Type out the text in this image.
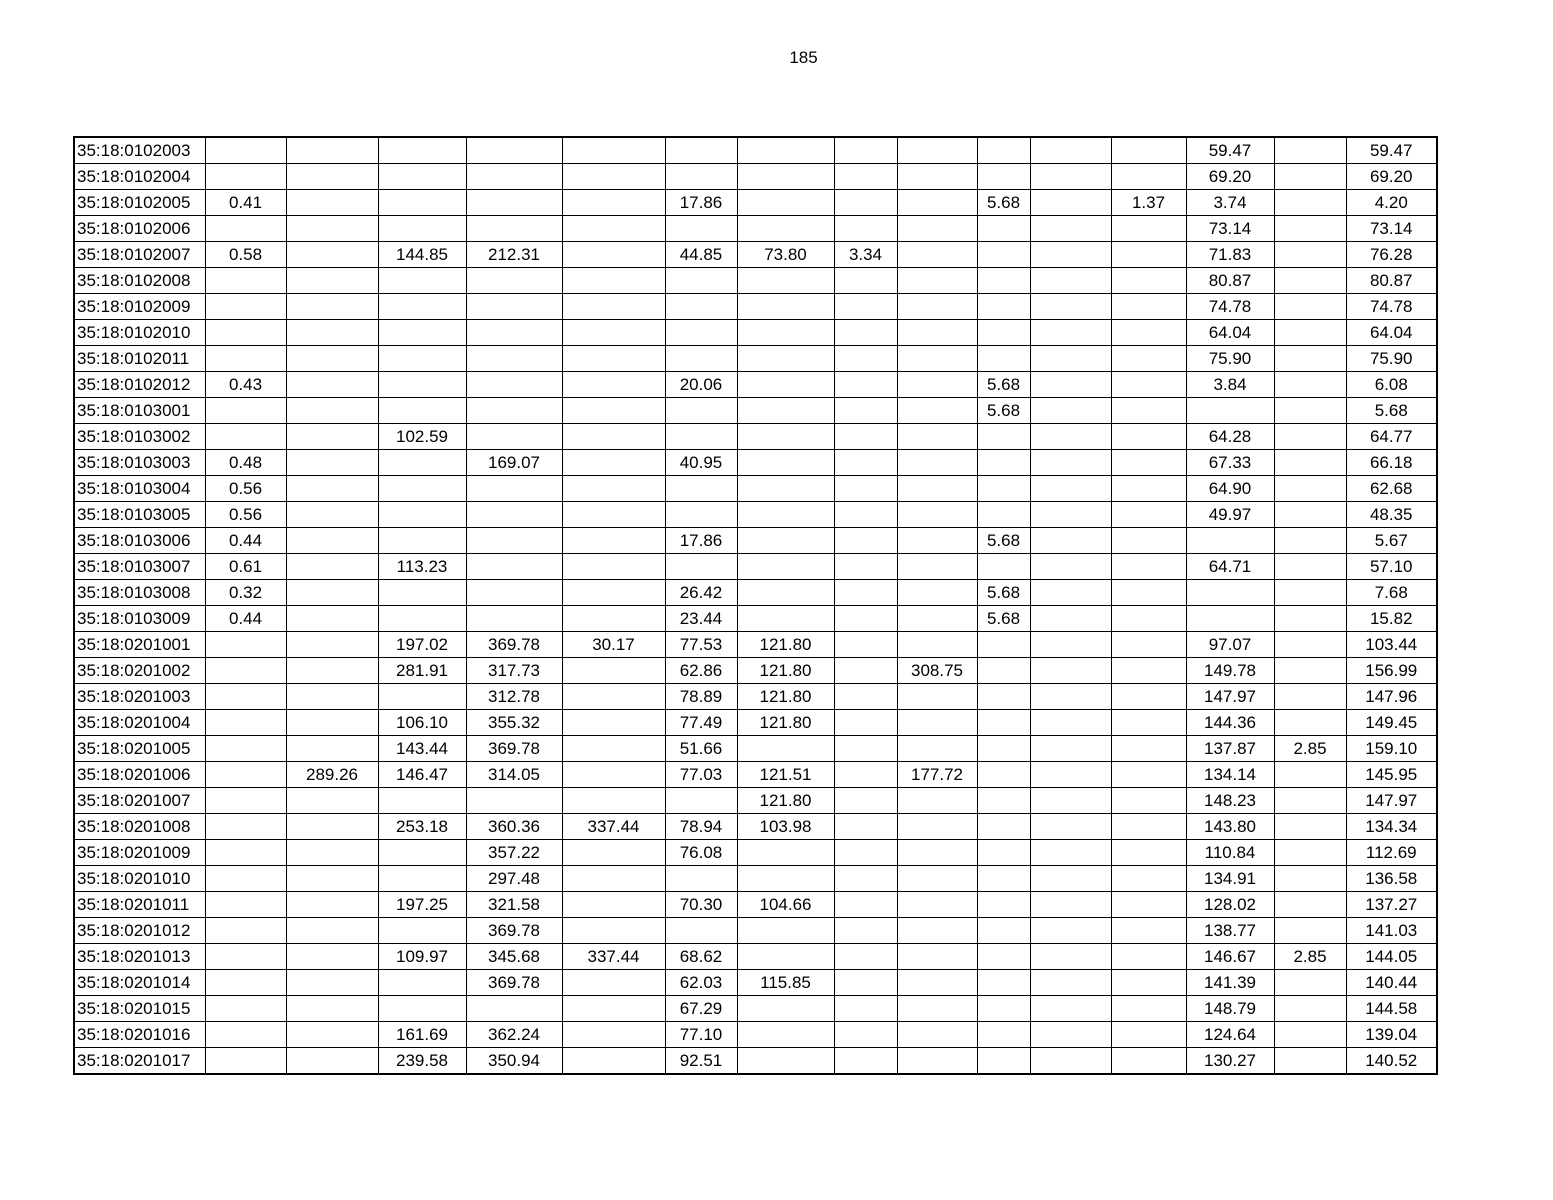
185
35:18:0102003													59.47		59.47
35:18:0102004													69.20		69.20
35:18:0102005	0.41					17.86				5.68		1.37	3.74		4.20
35:18:0102006													73.14		73.14
35:18:0102007	0.58		144.85	212.31		44.85	73.80	3.34					71.83		76.28
35:18:0102008													80.87		80.87
35:18:0102009													74.78		74.78
35:18:0102010													64.04		64.04
35:18:0102011													75.90		75.90
35:18:0102012	0.43					20.06				5.68			3.84		6.08
35:18:0103001										5.68					5.68
35:18:0103002			102.59										64.28		64.77
35:18:0103003	0.48			169.07		40.95							67.33		66.18
35:18:0103004	0.56												64.90		62.68
35:18:0103005	0.56												49.97		48.35
35:18:0103006	0.44					17.86				5.68					5.67
35:18:0103007	0.61		113.23										64.71		57.10
35:18:0103008	0.32					26.42				5.68					7.68
35:18:0103009	0.44					23.44				5.68					15.82
35:18:0201001			197.02	369.78	30.17	77.53	121.80						97.07		103.44
35:18:0201002			281.91	317.73		62.86	121.80		308.75				149.78		156.99
35:18:0201003				312.78		78.89	121.80						147.97		147.96
35:18:0201004			106.10	355.32		77.49	121.80						144.36		149.45
35:18:0201005			143.44	369.78		51.66							137.87	2.85	159.10
35:18:0201006		289.26	146.47	314.05		77.03	121.51		177.72				134.14		145.95
35:18:0201007							121.80						148.23		147.97
35:18:0201008			253.18	360.36	337.44	78.94	103.98						143.80		134.34
35:18:0201009				357.22		76.08							110.84		112.69
35:18:0201010				297.48									134.91		136.58
35:18:0201011			197.25	321.58		70.30	104.66						128.02		137.27
35:18:0201012				369.78									138.77		141.03
35:18:0201013			109.97	345.68	337.44	68.62							146.67	2.85	144.05
35:18:0201014				369.78		62.03	115.85						141.39		140.44
35:18:0201015						67.29							148.79		144.58
35:18:0201016			161.69	362.24		77.10							124.64		139.04
35:18:0201017			239.58	350.94		92.51							130.27		140.52
